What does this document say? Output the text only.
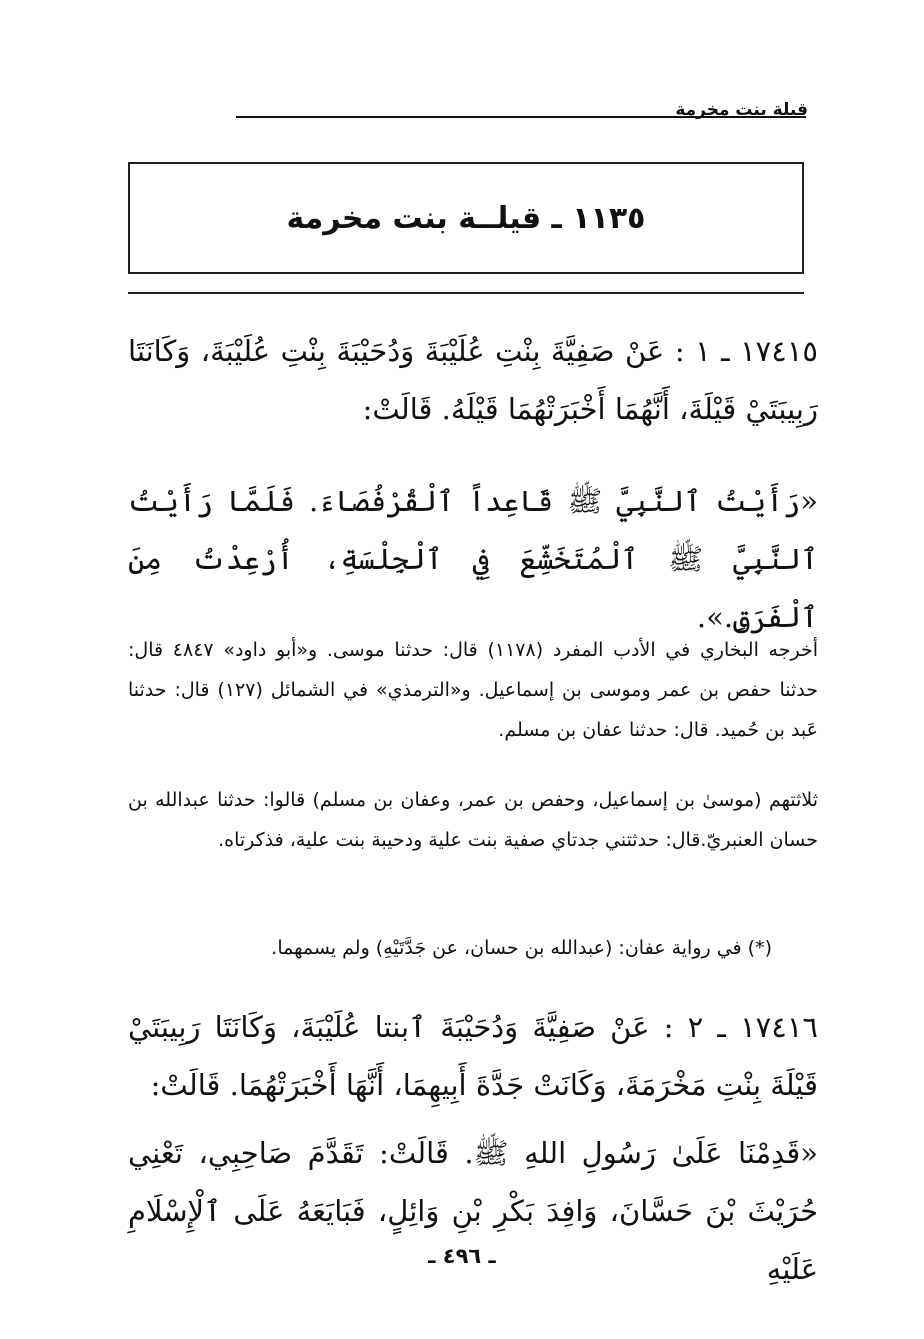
قيلة بنت مخرمة
١١٣٥ ـ قيلــة بنت مخرمة
١٧٤١٥ ـ ١ : عَنْ صَفِيَّةَ بِنْتِ عُلَيْبَةَ وَدُحَيْبَةَ بِنْتِ عُلَيْبَةَ، وَكَانَتَا رَبِيبَتَيْ قَيْلَةَ، أَنَّهُمَا أَخْبَرَتْهُمَا قَيْلَهُ. قَالَتْ:
«رَأَيْتُ ٱلنَّبِيَّ ﷺ قَاعِداً ٱلْقُرْفُصَاءَ. فَلَمَّا رَأَيْتُ ٱلنَّبِيَّ ﷺ ٱلْمُتَخَشِّعَ فِي ٱلْجِلْسَةِ، أُرْعِدْتُ مِنَ ٱلْفَرَقِ.».
أخرجه البخاري في الأدب المفرد (١١٧٨) قال: حدثنا موسى. و«أبو داود» ٤٨٤٧ قال: حدثنا حفص بن عمر وموسى بن إسماعيل. و«الترمذي» في الشمائل (١٢٧) قال: حدثنا عَبد بن حُميد. قال: حدثنا عفان بن مسلم.
ثلاثتهم (موسىٰ بن إسماعيل، وحفص بن عمر، وعفان بن مسلم) قالوا: حدثنا عبدالله بن حسان العنبريّ.قال: حدثتني جدتاي صفية بنت علية ودحيبة بنت علية، فذكرتاه.
(*) في رواية عفان: (عبدالله بن حسان، عن جَدَّتَيْهِ) ولم يسمهما.
١٧٤١٦ ـ ٢ : عَنْ صَفِيَّةَ وَدُحَيْبَةَ ٱبنتا عُلَيْبَةَ، وَكَانَتَا رَبِيبَتَيْ قَيْلَةَ بِنْتِ مَخْرَمَةَ، وَكَانَتْ جَدَّةَ أَبِيهِمَا، أَنَّهَا أَخْبَرَتْهُمَا. قَالَتْ:
«قَدِمْنَا عَلَىٰ رَسُولِ اللهِ ﷺ. قَالَتْ: تَقَدَّمَ صَاحِبِي، تَعْنِي حُرَيْثَ بْنَ حَسَّانَ، وَافِدَ بَكْرِ بْنِ وَائِلٍ، فَبَايَعَهُ عَلَى ٱلْإِسْلَامِ عَلَيْهِ
ـ ٤٩٦ ـ
